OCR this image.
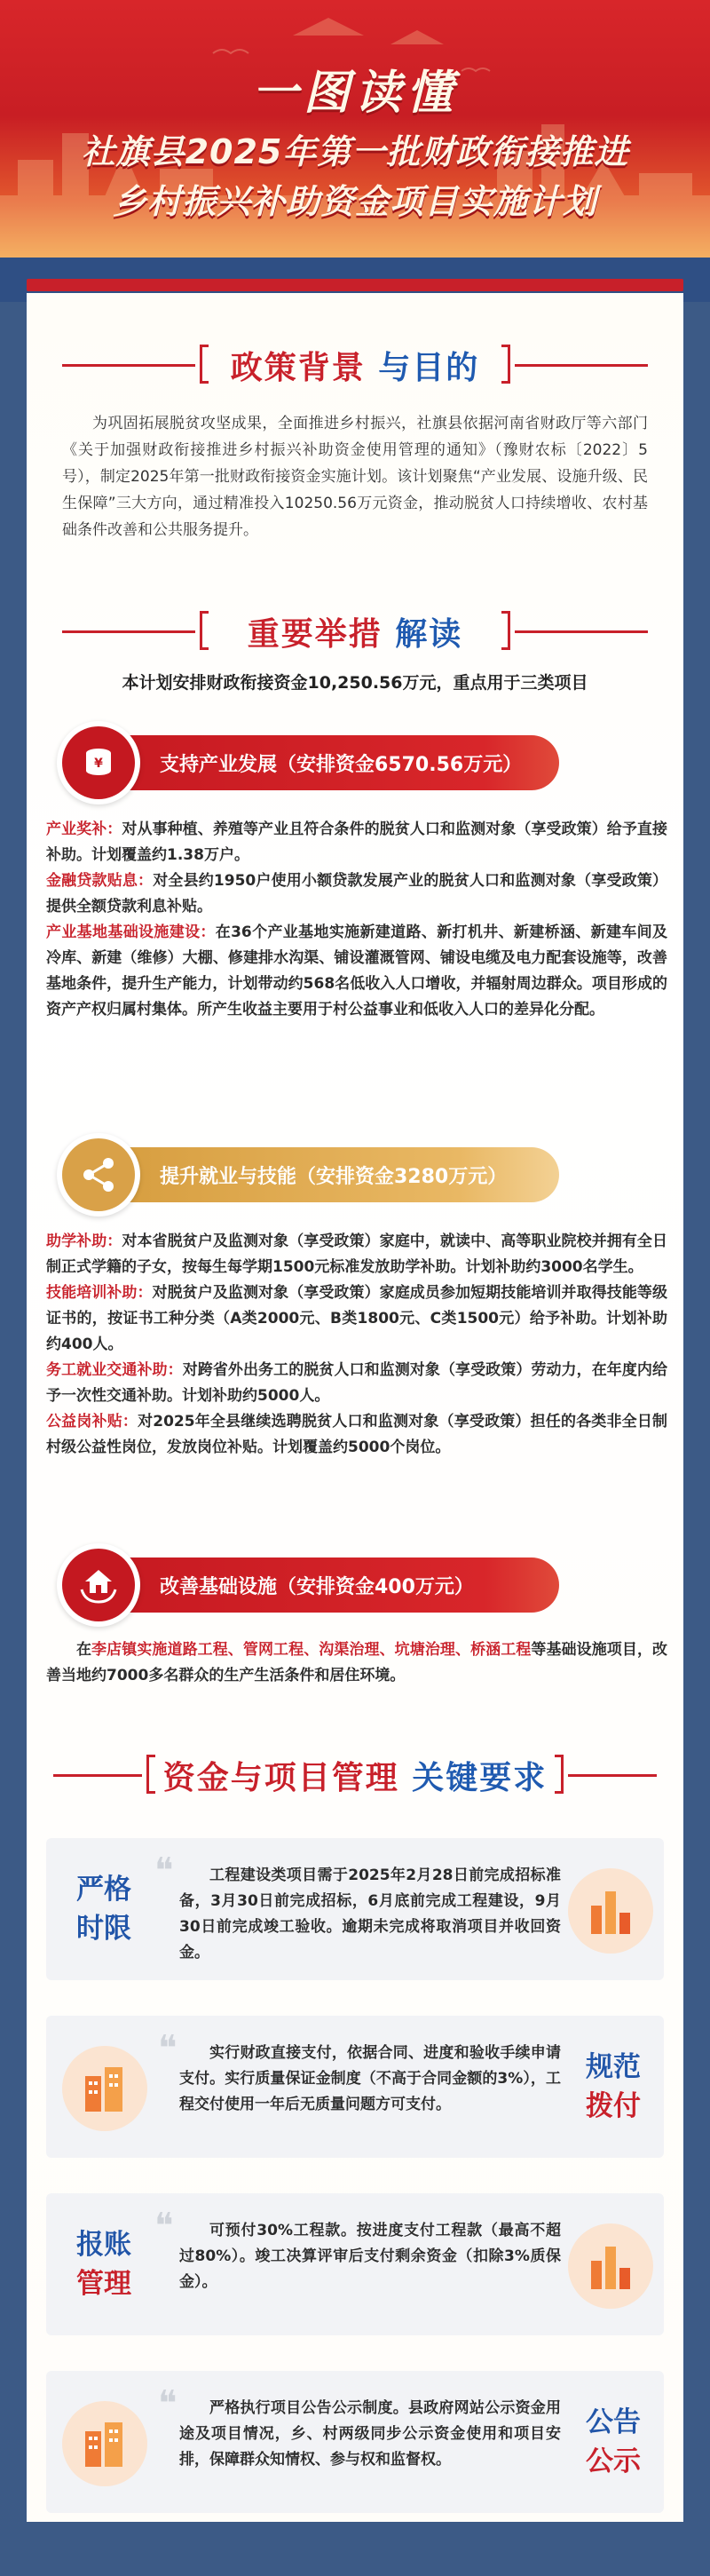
一图读懂
社旗县2025年第一批财政衔接推进
乡村振兴补助资金项目实施计划
政策背景 与目的
为巩固拓展脱贫攻坚成果，全面推进乡村振兴，社旗县依据河南省财政厅等六部门《关于加强财政衔接推进乡村振兴补助资金使用管理的通知》（豫财农标〔2022〕5号），制定2025年第一批财政衔接资金实施计划。该计划聚焦“产业发展、设施升级、民生保障”三大方向，通过精准投入10250.56万元资金，推动脱贫人口持续增收、农村基础条件改善和公共服务提升。
重要举措 解读
本计划安排财政衔接资金10,250.56万元，重点用于三类项目
¥	支持产业发展（安排资金6570.56万元）

产业奖补：对从事种植、养殖等产业且符合条件的脱贫人口和监测对象（享受政策）给予直接补助。计划覆盖约1.38万户。

金融贷款贴息：对全县约1950户使用小额贷款发展产业的脱贫人口和监测对象（享受政策）提供全额贷款利息补贴。

产业基地基础设施建设：在36个产业基地实施新建道路、新打机井、新建桥涵、新建车间及冷库、新建（维修）大棚、修建排水沟渠、铺设灌溉管网、铺设电缆及电力配套设施等，改善基地条件，提升生产能力，计划带动约568名低收入人口增收，并辐射周边群众。项目形成的资产产权归属村集体。所产生收益主要用于村公益事业和低收入人口的差异化分配。

提升就业与技能（安排资金3280万元）

助学补助：对本省脱贫户及监测对象（享受政策）家庭中，就读中、高等职业院校并拥有全日制正式学籍的子女，按每生每学期1500元标准发放助学补助。计划补助约3000名学生。

技能培训补助：对脱贫户及监测对象（享受政策）家庭成员参加短期技能培训并取得技能等级证书的，按证书工种分类（A类2000元、B类1800元、C类1500元）给予补助。计划补助约400人。

务工就业交通补助：对跨省外出务工的脱贫人口和监测对象（享受政策）劳动力，在年度内给予一次性交通补助。计划补助约5000人。

公益岗补贴：对2025年全县继续选聘脱贫人口和监测对象（享受政策）担任的各类非全日制村级公益性岗位，发放岗位补贴。计划覆盖约5000个岗位。

改善基础设施（安排资金400万元）
在李店镇实施道路工程、管网工程、沟渠治理、坑塘治理、桥涵工程等基础设施项目，改善当地约7000多名群众的生产生活条件和居住环境。
资金与项目管理 关键要求
严格
时限
❝	工程建设类项目需于2025年2月28日前完成招标准备，3月30日前完成招标，6月底前完成工程建设，9月30日前完成竣工验收。逾期未完成将取消项目并收回资金。
❝	实行财政直接支付，依据合同、进度和验收手续申请支付。实行质量保证金制度（不高于合同金额的3%），工程交付使用一年后无质量问题方可支付。
规范
拨付
报账
管理
❝	可预付30%工程款。按进度支付工程款（最高不超过80%）。竣工决算评审后支付剩余资金（扣除3%质保金）。
❝	严格执行项目公告公示制度。县政府网站公示资金用途及项目情况，乡、村两级同步公示资金使用和项目安排，保障群众知情权、参与权和监督权。
公告
公示
